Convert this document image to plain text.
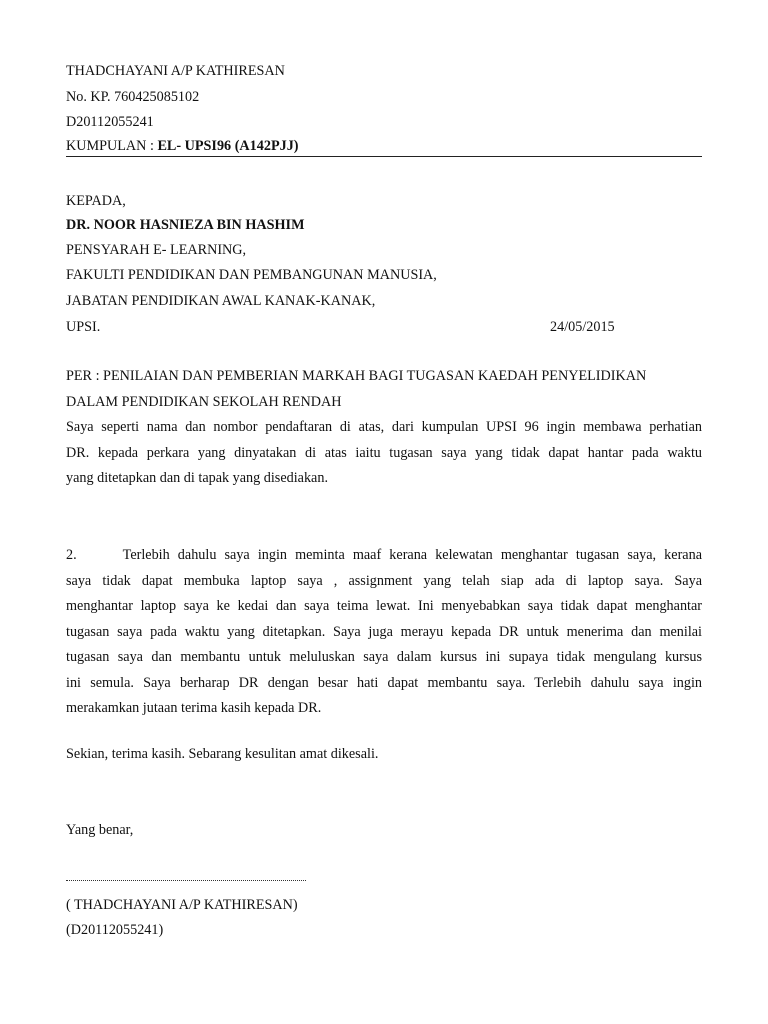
THADCHAYANI A/P KATHIRESAN
No. KP. 760425085102
D20112055241
KUMPULAN : EL- UPSI96 (A142PJJ)
KEPADA,
DR. NOOR HASNIEZA BIN HASHIM
PENSYARAH E- LEARNING,
FAKULTI PENDIDIKAN DAN PEMBANGUNAN MANUSIA,
JABATAN PENDIDIKAN AWAL KANAK-KANAK,
UPSI.	24/05/2015
PER : PENILAIAN DAN PEMBERIAN MARKAH BAGI TUGASAN KAEDAH PENYELIDIKAN
DALAM PENDIDIKAN SEKOLAH RENDAH
Saya seperti nama dan nombor pendaftaran di atas, dari kumpulan UPSI 96 ingin membawa perhatian
DR. kepada perkara yang dinyatakan di atas iaitu tugasan saya yang tidak dapat hantar pada waktu
yang ditetapkan dan di tapak yang disediakan.
2.	Terlebih dahulu saya ingin meminta maaf kerana kelewatan menghantar tugasan saya, kerana
saya tidak dapat membuka laptop saya , assignment yang telah siap ada di laptop saya. Saya
menghantar laptop saya ke kedai dan saya teima lewat. Ini menyebabkan saya tidak dapat menghantar
tugasan saya pada waktu yang ditetapkan. Saya juga merayu kepada DR untuk menerima dan menilai
tugasan saya dan membantu untuk meluluskan saya dalam kursus ini supaya tidak mengulang kursus
ini semula. Saya berharap DR dengan besar hati dapat membantu saya. Terlebih dahulu saya ingin
merakamkan jutaan terima kasih kepada DR.
Sekian, terima kasih. Sebarang kesulitan amat dikesali.
Yang benar,
( THADCHAYANI A/P KATHIRESAN)
(D20112055241)
